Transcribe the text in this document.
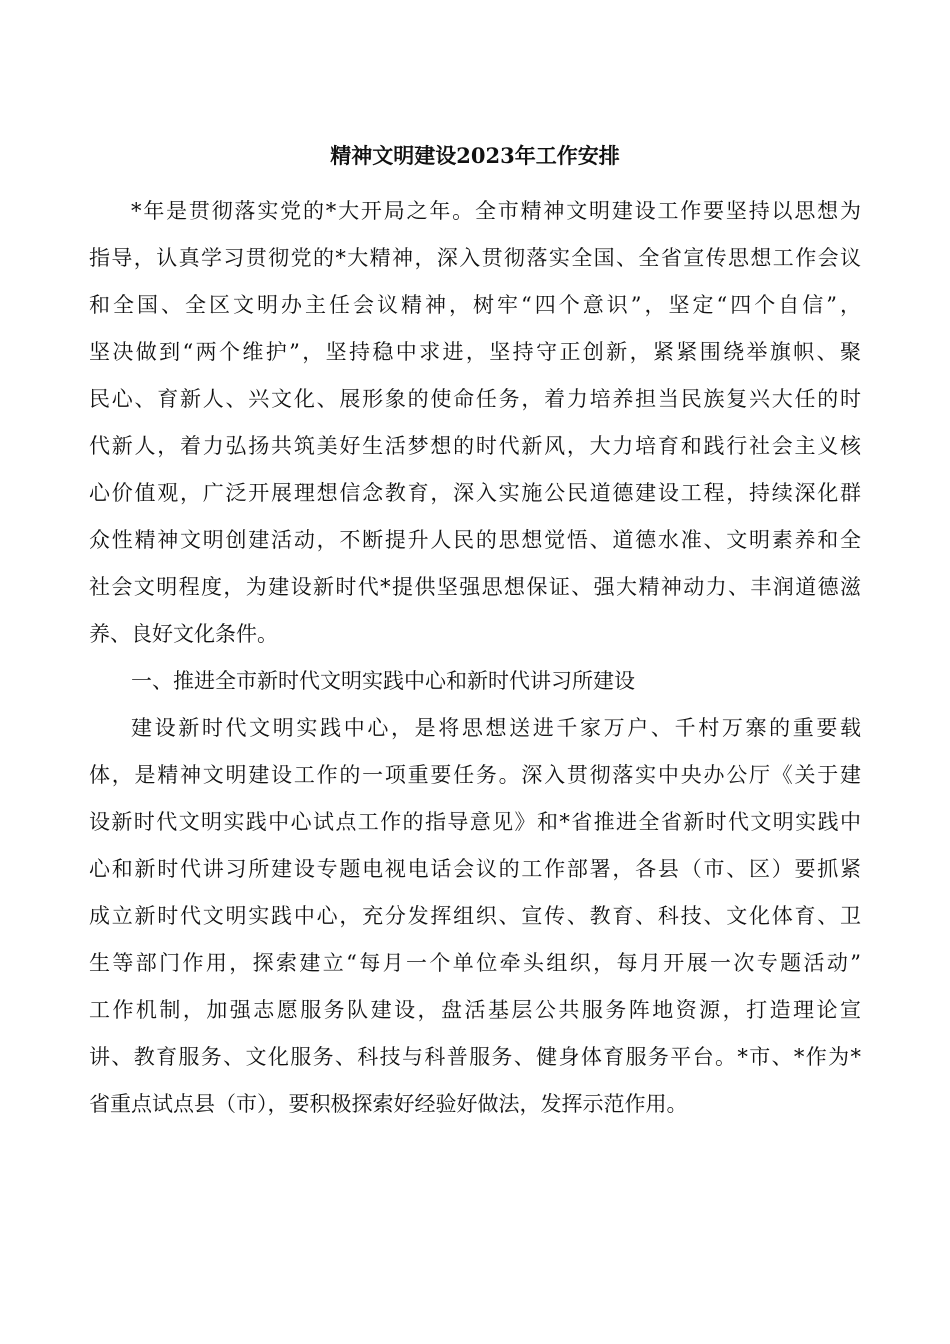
精神文明建设2023年工作安排
*年是贯彻落实党的*大开局之年。全市精神文明建设工作要坚持以思想为
指导，认真学习贯彻党的*大精神，深入贯彻落实全国、全省宣传思想工作会议
和全国、全区文明办主任会议精神，树牢“四个意识”，坚定“四个自信”，
坚决做到“两个维护”，坚持稳中求进，坚持守正创新，紧紧围绕举旗帜、聚
民心、育新人、兴文化、展形象的使命任务，着力培养担当民族复兴大任的时
代新人，着力弘扬共筑美好生活梦想的时代新风，大力培育和践行社会主义核
心价值观，广泛开展理想信念教育，深入实施公民道德建设工程，持续深化群
众性精神文明创建活动，不断提升人民的思想觉悟、道德水准、文明素养和全
社会文明程度，为建设新时代*提供坚强思想保证、强大精神动力、丰润道德滋
养、良好文化条件。
一、推进全市新时代文明实践中心和新时代讲习所建设
建设新时代文明实践中心，是将思想送进千家万户、千村万寨的重要载
体，是精神文明建设工作的一项重要任务。深入贯彻落实中央办公厅《关于建
设新时代文明实践中心试点工作的指导意见》和*省推进全省新时代文明实践中
心和新时代讲习所建设专题电视电话会议的工作部署，各县（市、区）要抓紧
成立新时代文明实践中心，充分发挥组织、宣传、教育、科技、文化体育、卫
生等部门作用，探索建立“每月一个单位牵头组织，每月开展一次专题活动”
工作机制，加强志愿服务队建设，盘活基层公共服务阵地资源，打造理论宣
讲、教育服务、文化服务、科技与科普服务、健身体育服务平台。*市、*作为*
省重点试点县（市），要积极探索好经验好做法，发挥示范作用。
